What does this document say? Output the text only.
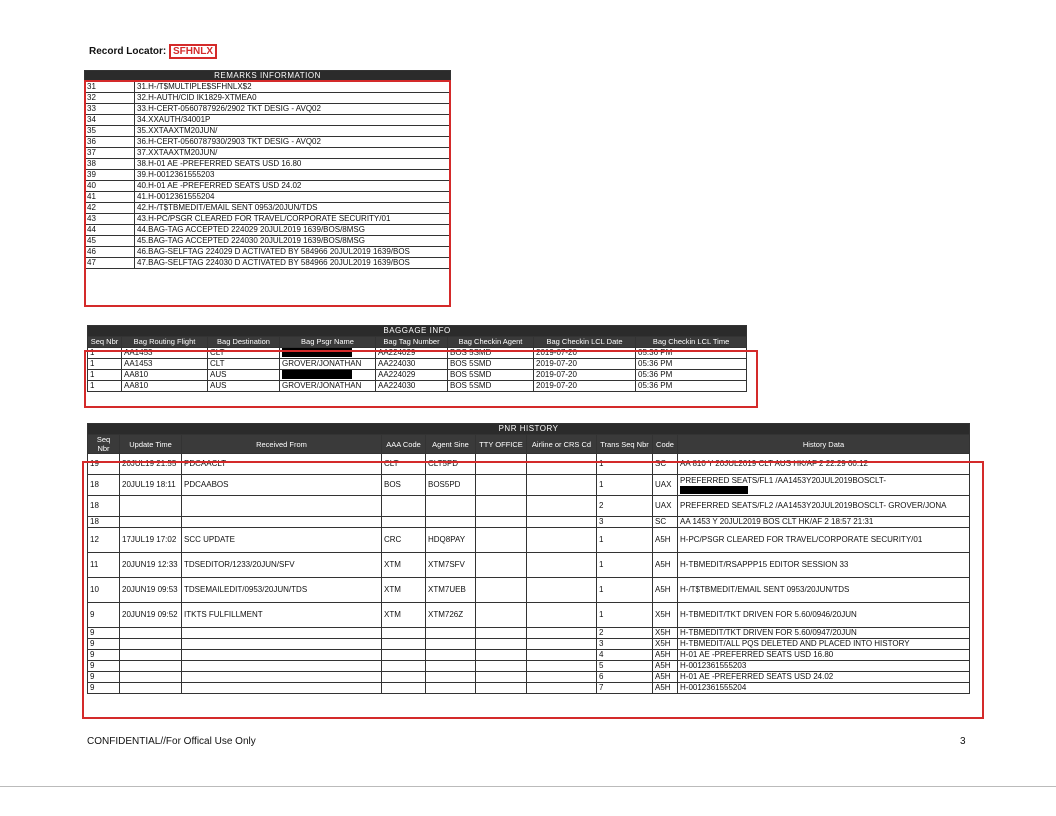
Record Locator: SFHNLX
REMARKS INFORMATION	
31	31.H-/T$MULTIPLE$SFHNLX$2
32	32.H-AUTH/CID IK1829-XTMEA0
33	33.H-CERT-0560787926/2902 TKT DESIG - AVQ02
34	34.XXAUTH/34001P
35	35.XXTAAXTM20JUN/
36	36.H-CERT-0560787930/2903 TKT DESIG - AVQ02
37	37.XXTAAXTM20JUN/
38	38.H-01 AE -PREFERRED SEATS USD 16.80
39	39.H-0012361555203
40	40.H-01 AE -PREFERRED SEATS USD 24.02
41	41.H-0012361555204
42	42.H-/T$TBMEDIT/EMAIL SENT 0953/20JUN/TDS
43	43.H-PC/PSGR CLEARED FOR TRAVEL/CORPORATE SECURITY/01
44	44.BAG-TAG ACCEPTED 224029 20JUL2019 1639/BOS/8MSG
45	45.BAG-TAG ACCEPTED 224030 20JUL2019 1639/BOS/8MSG
46	46.BAG-SELFTAG 224029 D ACTIVATED BY 584966 20JUL2019 1639/BOS
47	47.BAG-SELFTAG 224030 D ACTIVATED BY 584966 20JUL2019 1639/BOS
BAGGAGE INFO							
Seq Nbr	Bag Routing Flight	Bag Destination	Bag Psgr Name	Bag Tag Number	Bag Checkin Agent	Bag Checkin LCL Date	Bag Checkin LCL Time
1	AA1453	CLT		AA224029	BOS 5SMD	2019-07-20	05:36 PM
1	AA1453	CLT	GROVER/JONATHAN	AA224030	BOS 5SMD	2019-07-20	05:36 PM
1	AA810	AUS		AA224029	BOS 5SMD	2019-07-20	05:36 PM
1	AA810	AUS	GROVER/JONATHAN	AA224030	BOS 5SMD	2019-07-20	05:36 PM
PNR HISTORY									
Seq Nbr	Update Time	Received From	AAA Code	Agent Sine	TTY OFFICE	Airline or CRS Cd	Trans Seq Nbr	Code	History Data
19	20JUL19 21:55	PDCAACLT	CLT	CLT5PD			1	SC	AA 810 Y 20JUL2019 CLT AUS HK/AF 2 22:29 00:12
18	20JUL19 18:11	PDCAABOS	BOS	BOS5PD			1	UAX	PREFERRED SEATS/FL1 /AA1453Y20JUL2019BOSCLT-

18							2	UAX	PREFERRED SEATS/FL2 /AA1453Y20JUL2019BOSCLT- GROVER/JONA
18							3	SC	AA 1453 Y 20JUL2019 BOS CLT HK/AF 2 18:57 21:31
12	17JUL19 17:02	SCC UPDATE	CRC	HDQ8PAY			1	A5H	H-PC/PSGR CLEARED FOR TRAVEL/CORPORATE SECURITY/01
11	20JUN19 12:33	TDSEDITOR/1233/20JUN/SFV	XTM	XTM7SFV			1	A5H	H-TBMEDIT/RSAPPP15 EDITOR SESSION 33
10	20JUN19 09:53	TDSEMAILEDIT/0953/20JUN/TDS	XTM	XTM7UEB			1	A5H	H-/T$TBMEDIT/EMAIL SENT 0953/20JUN/TDS
9	20JUN19 09:52	ITKTS FULFILLMENT	XTM	XTM726Z			1	X5H	H-TBMEDIT/TKT DRIVEN FOR 5.60/0946/20JUN
9							2	X5H	H-TBMEDIT/TKT DRIVEN FOR 5.60/0947/20JUN
9							3	X5H	H-TBMEDIT/ALL PQS DELETED AND PLACED INTO HISTORY
9							4	A5H	H-01 AE -PREFERRED SEATS USD 16.80
9							5	A5H	H-0012361555203
9							6	A5H	H-01 AE -PREFERRED SEATS USD 24.02
9							7	A5H	H-0012361555204
CONFIDENTIAL//For Offical Use Only	3
